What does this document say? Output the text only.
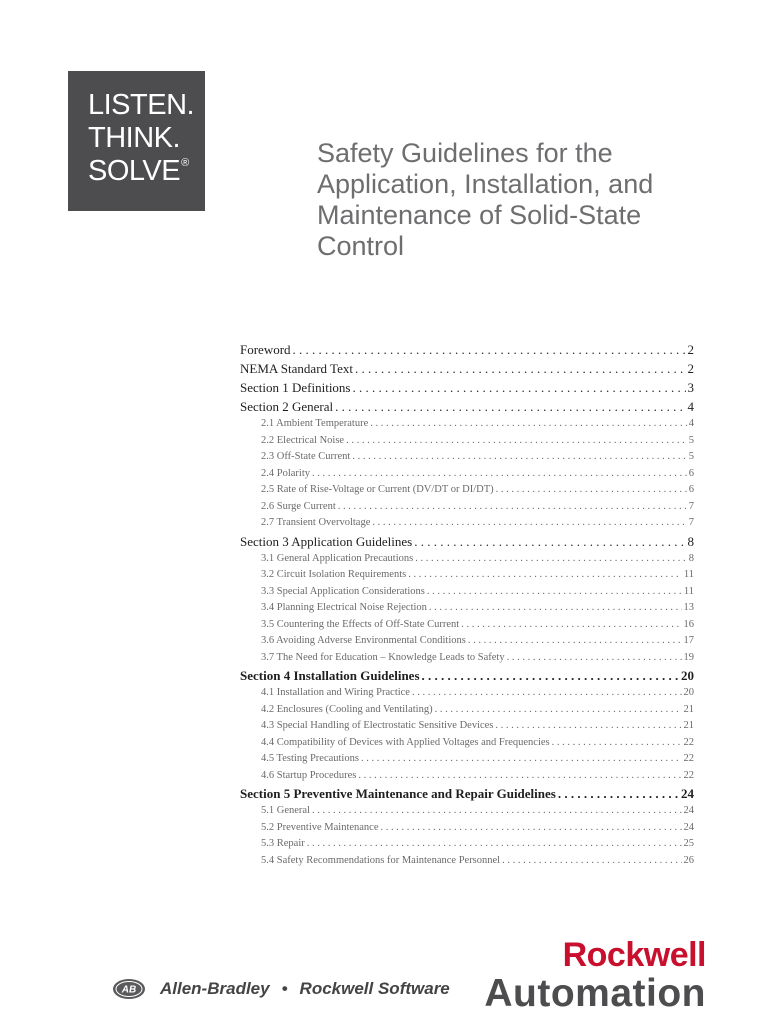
LISTEN.
THINK.
SOLVE®	Safety Guidelines for the
Application, Installation, and
Maintenance of Solid-State
Control
Foreword . . .	2
NEMA Standard Text . . .	2
Section 1 Definitions . . .	3
Section 2 General . . .	4
2.1 Ambient Temperature . . .	4
2.2 Electrical Noise . . .	5
2.3 Off-State Current . . .	5
2.4 Polarity . . .	6
2.5 Rate of Rise-Voltage or Current (DV/DT or DI/DT) . . .	6
2.6 Surge Current . . .	7
2.7 Transient Overvoltage . . .	7
Section 3 Application Guidelines . . .	8
3.1 General Application Precautions . . .	8
3.2 Circuit Isolation Requirements . . .	11
3.3 Special Application Considerations . . .	11
3.4 Planning Electrical Noise Rejection . . .	13
3.5 Countering the Effects of Off-State Current . . .	16
3.6 Avoiding Adverse Environmental Conditions . . .	17
3.7 The Need for Education – Knowledge Leads to Safety . . .	19
Section 4 Installation Guidelines . . .	20
4.1 Installation and Wiring Practice . . .	20
4.2 Enclosures (Cooling and Ventilating) . . .	21
4.3 Special Handling of Electrostatic Sensitive Devices . . .	21
4.4 Compatibility of Devices with Applied Voltages and Frequencies . . .	22
4.5 Testing Precautions . . .	22
4.6 Startup Procedures . . .	22
Section 5 Preventive Maintenance and Repair Guidelines . . .	24
5.1 General . . .	24
5.2 Preventive Maintenance . . .	24
5.3 Repair . . .	25
5.4 Safety Recommendations for Maintenance Personnel . . .	26
AB Allen-Bradley • Rockwell Software
Rockwell
Automation
